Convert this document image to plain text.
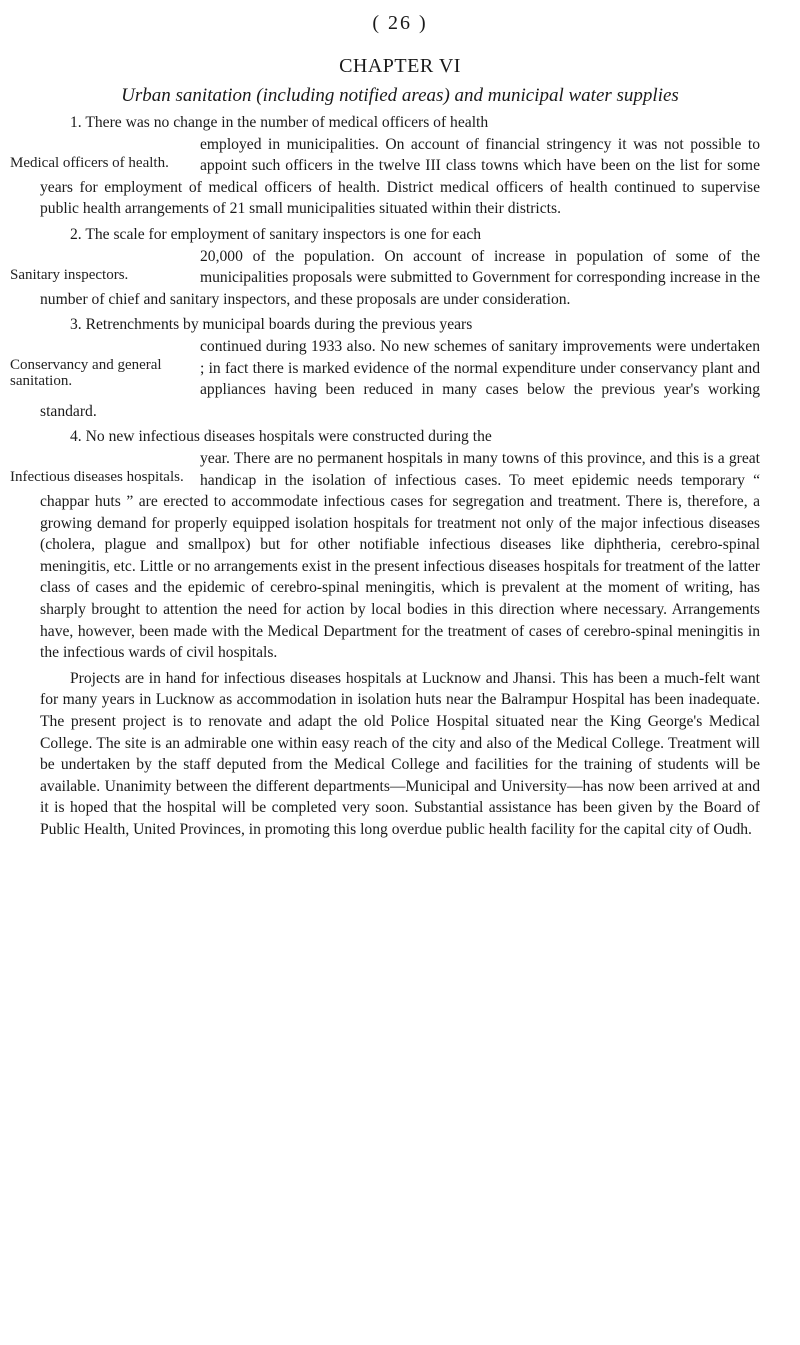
( 26 )
CHAPTER VI
Urban sanitation (including notified areas) and municipal water supplies

1. There was no change in the number of medical officers of health
Medical officers of health.
employed in municipalities. On account of financial stringency it was not possible to appoint such officers in the twelve III class towns which have been on the list for some years for employment of medical officers of health. District medical officers of health continued to supervise public health arrangements of 21 small municipalities situated within their districts.

2. The scale for employment of sanitary inspectors is one for each
Sanitary inspectors.
20,000 of the population. On account of increase in population of some of the municipalities proposals were submitted to Government for corresponding increase in the number of chief and sanitary inspectors, and these proposals are under consideration.

3. Retrenchments by municipal boards during the previous years
Conservancy and general sanitation.
continued during 1933 also. No new schemes of sanitary improvements were undertaken ; in fact there is marked evidence of the normal expenditure under conservancy plant and appliances having been reduced in many cases below the previous year's working standard.

4. No new infectious diseases hospitals were constructed during the
Infectious diseases hospitals.
year. There are no permanent hospitals in many towns of this province, and this is a great handicap in the isolation of infectious cases. To meet epidemic needs temporary “ chappar huts ” are erected to accommodate infectious cases for segregation and treatment. There is, therefore, a growing demand for properly equipped isolation hospitals for treatment not only of the major infectious diseases (cholera, plague and smallpox) but for other notifiable infectious diseases like diphtheria, cerebro-spinal meningitis, etc. Little or no arrangements exist in the present infectious diseases hospitals for treatment of the latter class of cases and the epidemic of cerebro-spinal meningitis, which is prevalent at the moment of writing, has sharply brought to attention the need for action by local bodies in this direction where necessary. Arrangements have, however, been made with the Medical Department for the treatment of cases of cerebro-spinal meningitis in the infectious wards of civil hospitals.

Projects are in hand for infectious diseases hospitals at Lucknow and Jhansi. This has been a much-felt want for many years in Lucknow as accommodation in isolation huts near the Balrampur Hospital has been inadequate. The present project is to renovate and adapt the old Police Hospital situated near the King George's Medical College. The site is an admirable one within easy reach of the city and also of the Medical College. Treatment will be undertaken by the staff deputed from the Medical College and facilities for the training of students will be available. Unanimity between the different departments—Municipal and University—has now been arrived at and it is hoped that the hospital will be completed very soon. Substantial assistance has been given by the Board of Public Health, United Provinces, in promoting this long overdue public health facility for the capital city of Oudh.
